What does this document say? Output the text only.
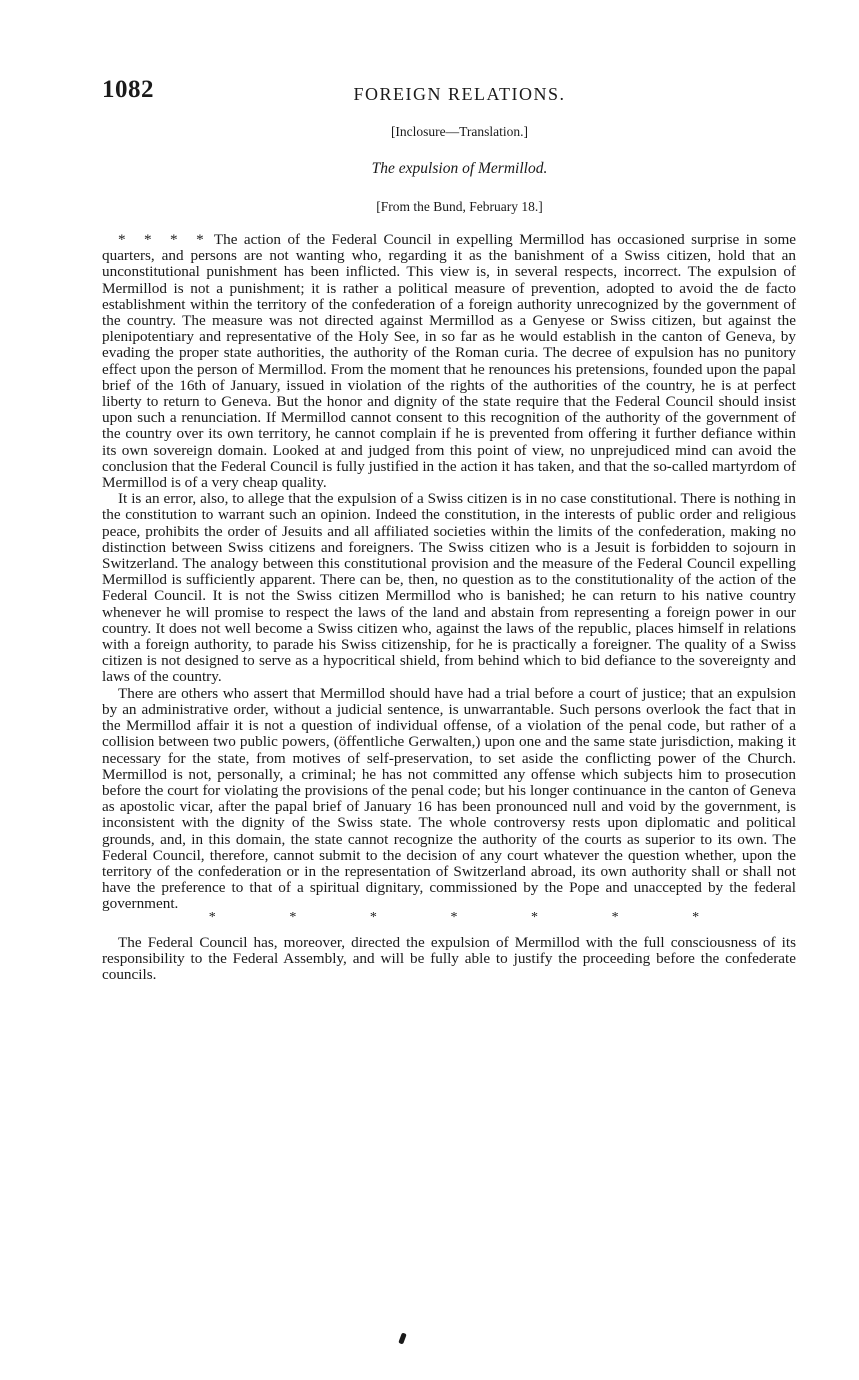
1082	FOREIGN RELATIONS.
[Inclosure—Translation.]
The expulsion of Mermillod.
[From the Bund, February 18.]

* * * * The action of the Federal Council in expelling Mermillod has occasioned surprise in some quarters, and persons are not wanting who, regarding it as the banishment of a Swiss citizen, hold that an unconstitutional punishment has been inflicted. This view is, in several respects, incorrect. The expulsion of Mermillod is not a punishment; it is rather a political measure of prevention, adopted to avoid the de facto establishment within the territory of the confederation of a foreign authority unrecognized by the government of the country. The measure was not directed against Mermillod as a Genyese or Swiss citizen, but against the plenipotentiary and representative of the Holy See, in so far as he would establish in the canton of Geneva, by evading the proper state authorities, the authority of the Roman curia. The decree of expulsion has no punitory effect upon the person of Mermillod. From the moment that he renounces his pretensions, founded upon the papal brief of the 16th of January, issued in violation of the rights of the authorities of the country, he is at perfect liberty to return to Geneva. But the honor and dignity of the state require that the Federal Council should insist upon such a renunciation. If Mermillod cannot consent to this recognition of the authority of the government of the country over its own territory, he cannot complain if he is prevented from offering it further defiance within its own sovereign domain. Looked at and judged from this point of view, no unprejudiced mind can avoid the conclusion that the Federal Council is fully justified in the action it has taken, and that the so-called martyrdom of Mermillod is of a very cheap quality.

It is an error, also, to allege that the expulsion of a Swiss citizen is in no case constitutional. There is nothing in the constitution to warrant such an opinion. Indeed the constitution, in the interests of public order and religious peace, prohibits the order of Jesuits and all affiliated societies within the limits of the confederation, making no distinction between Swiss citizens and foreigners. The Swiss citizen who is a Jesuit is forbidden to sojourn in Switzerland. The analogy between this constitutional provision and the measure of the Federal Council expelling Mermillod is sufficiently apparent. There can be, then, no question as to the constitutionality of the action of the Federal Council. It is not the Swiss citizen Mermillod who is banished; he can return to his native country whenever he will promise to respect the laws of the land and abstain from representing a foreign power in our country. It does not well become a Swiss citizen who, against the laws of the republic, places himself in relations with a foreign authority, to parade his Swiss citizenship, for he is practically a foreigner. The quality of a Swiss citizen is not designed to serve as a hypocritical shield, from behind which to bid defiance to the sovereignty and laws of the country.

There are others who assert that Mermillod should have had a trial before a court of justice; that an expulsion by an administrative order, without a judicial sentence, is unwarrantable. Such persons overlook the fact that in the Mermillod affair it is not a question of individual offense, of a violation of the penal code, but rather of a collision between two public powers, (öffentliche Gerwalten,) upon one and the same state jurisdiction, making it necessary for the state, from motives of self-preservation, to set aside the conflicting power of the Church. Mermillod is not, personally, a criminal; he has not committed any offense which subjects him to prosecution before the court for violating the provisions of the penal code; but his longer continuance in the canton of Geneva as apostolic vicar, after the papal brief of January 16 has been pronounced null and void by the government, is inconsistent with the dignity of the Swiss state. The whole controversy rests upon diplomatic and political grounds, and, in this domain, the state cannot recognize the authority of the courts as superior to its own. The Federal Council, therefore, cannot submit to the decision of any court whatever the question whether, upon the territory of the confederation or in the representation of Switzerland abroad, its own authority shall or shall not have the preference to that of a spiritual dignitary, commissioned by the Pope and unaccepted by the federal government.

*	*	*	*	*	*	*

The Federal Council has, moreover, directed the expulsion of Mermillod with the full consciousness of its responsibility to the Federal Assembly, and will be fully able to justify the proceeding before the confederate councils.
